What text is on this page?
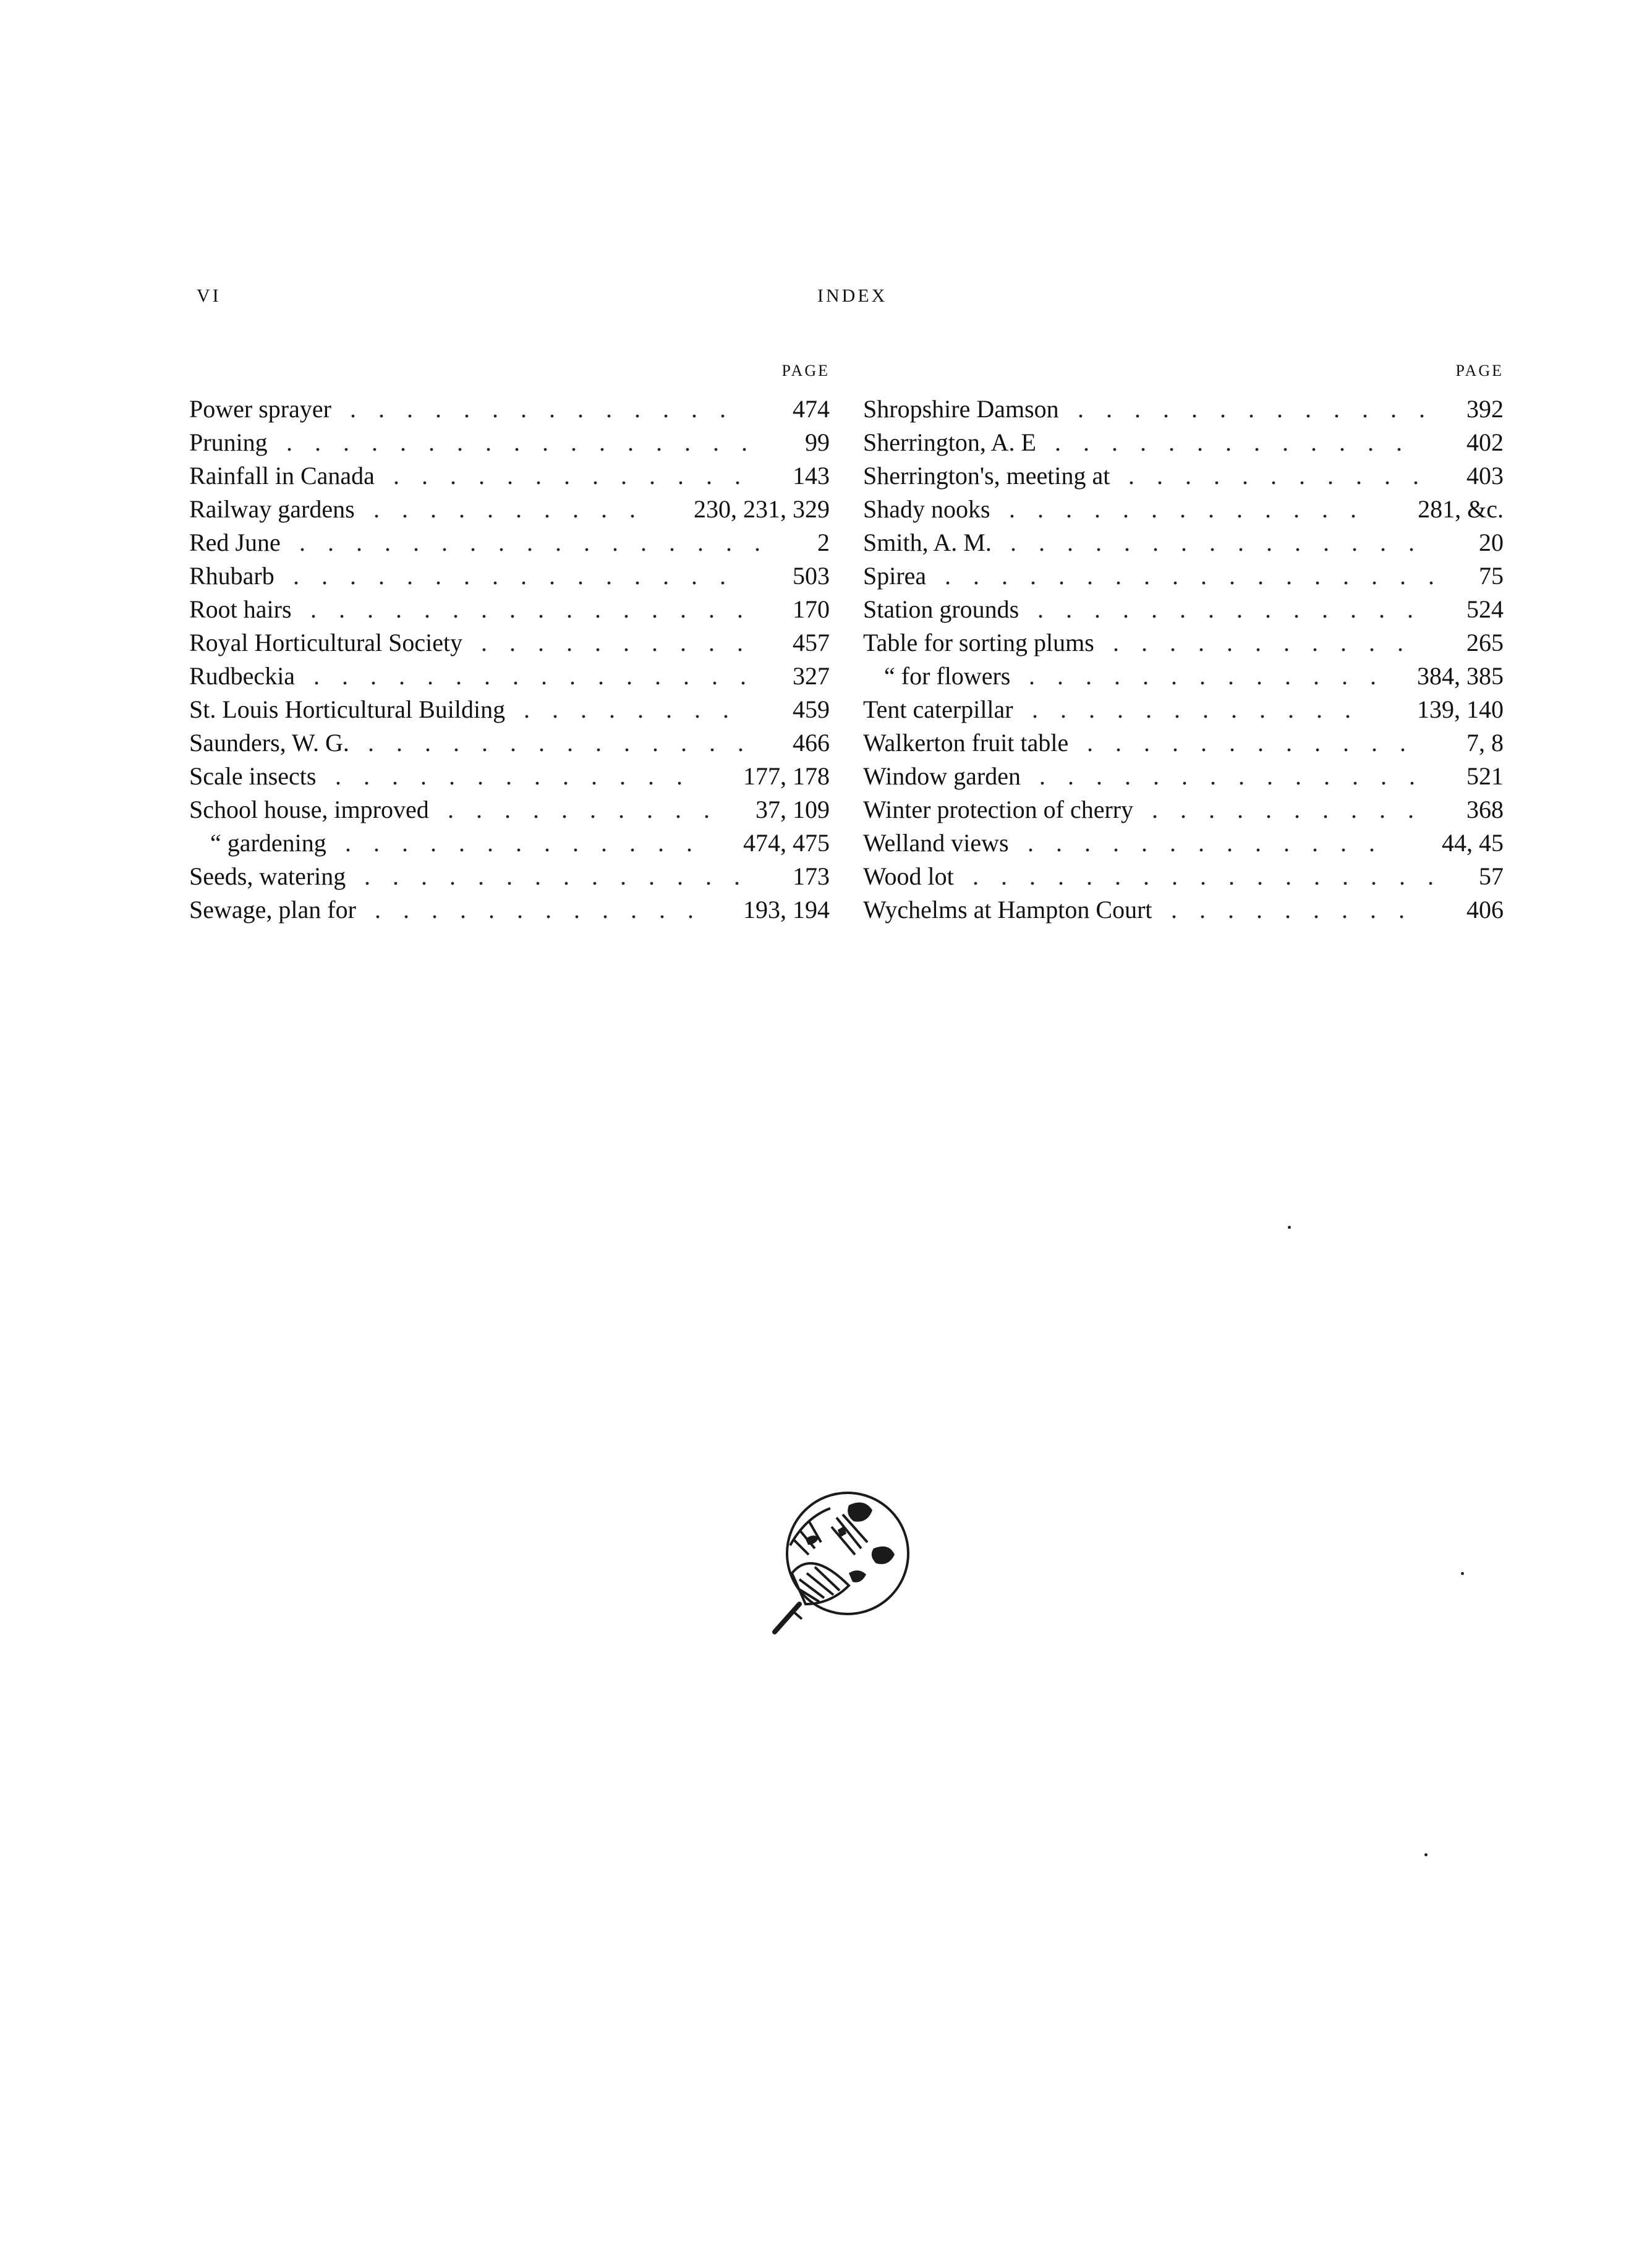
VI	INDEX
PAGE
Power sprayer .............. 474
Pruning ................. 99
Rainfall in Canada ............. 143
Railway gardens .......... 230, 231, 329
Red June ................. 2
Rhubarb ................ 503
Root hairs ................ 170
Royal Horticultural Society .......... 457
Rudbeckia ................ 327
St. Louis Horticultural Building ........ 459
Saunders, W. G. .............. 466
Scale insects ............. 177, 178
School house, improved .......... 37, 109
“ gardening ............. 474, 475
Seeds, watering .............. 173
Sewage, plan for ............ 193, 194
PAGE
Shropshire Damson ............. 392
Sherrington, A. E ............. 402
Sherrington's, meeting at ........... 403
Shady nooks ............. 281, &c.
Smith, A. M. ............... 20
Spirea .................. 75
Station grounds .............. 524
Table for sorting plums ........... 265
“ for flowers ............. 384, 385
Tent caterpillar ............ 139, 140
Walkerton fruit table ............ 7, 8
Window garden .............. 521
Winter protection of cherry .......... 368
Welland views ............. 44, 45
Wood lot ................. 57
Wychelms at Hampton Court ......... 406
